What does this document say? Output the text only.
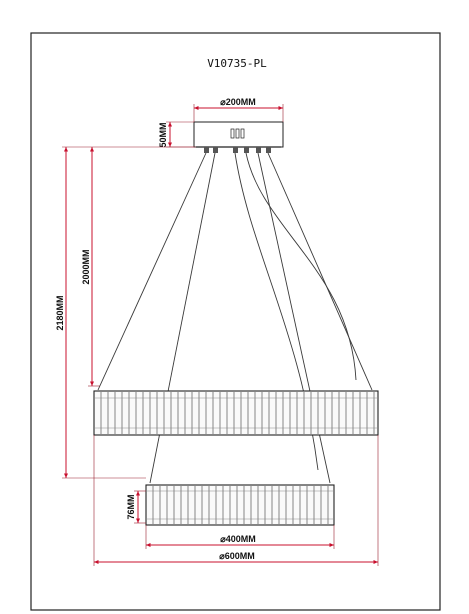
V10735-PL
⌀200MM
50MM
2180MM
2000MM
76MM
⌀400MM
⌀600MM
